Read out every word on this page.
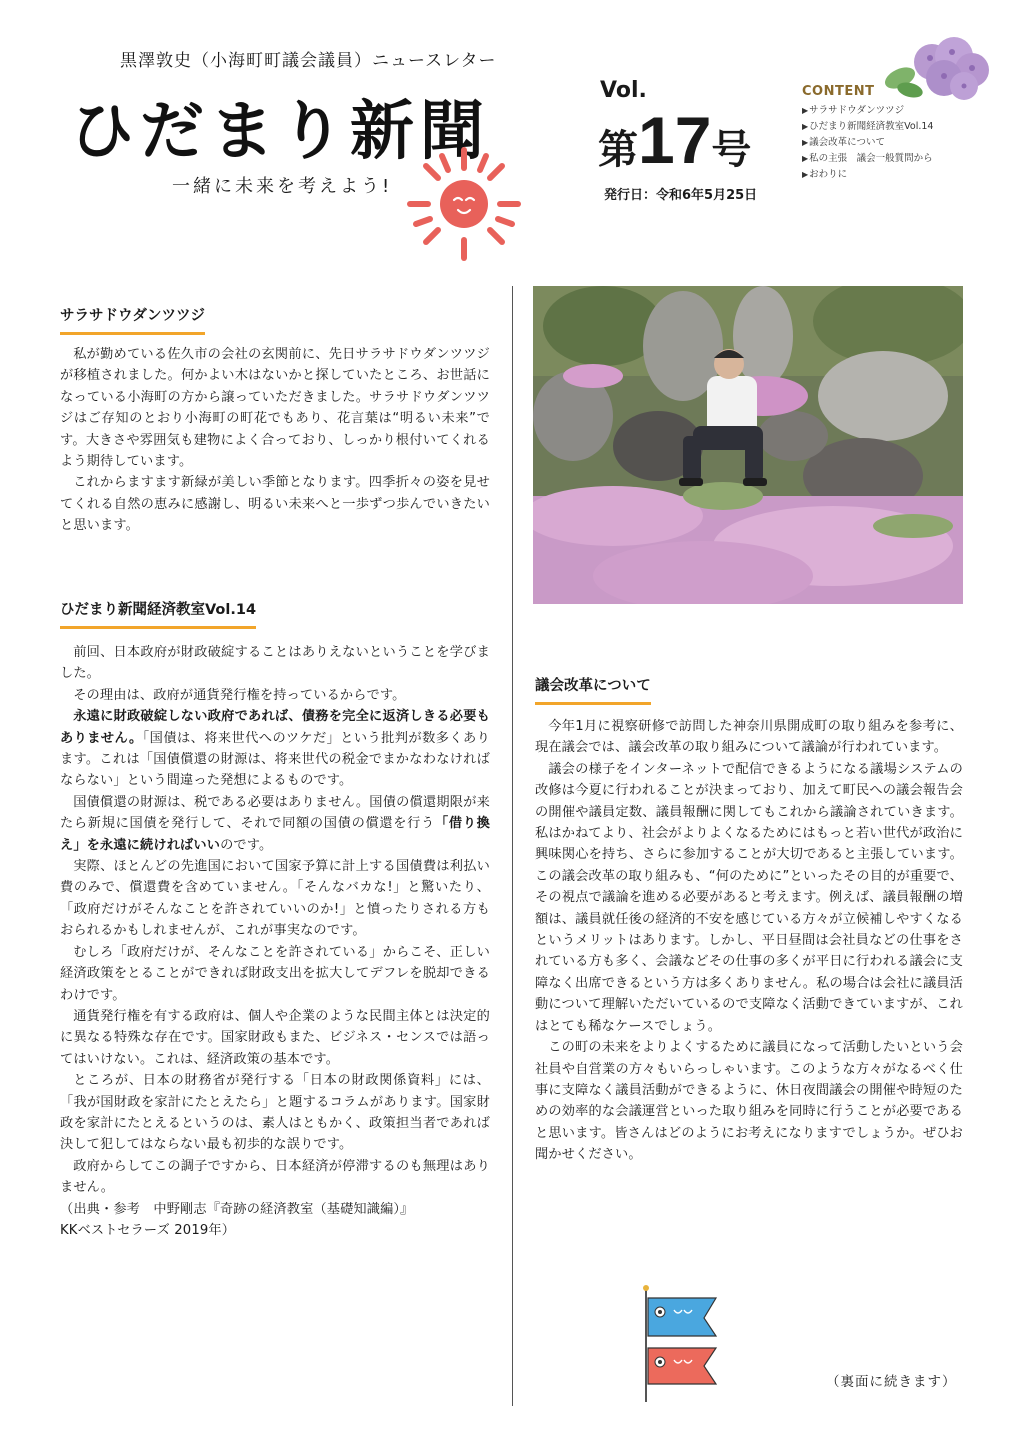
黒澤敦史（小海町町議会議員）ニュースレター
ひだまり新聞
一緒に未来を考えよう!
Vol.
第17号
発行日：令和6年5月25日
CONTENT
▶ サラサドウダンツツジ
▶ ひだまり新聞経済教室Vol.14
▶ 議会改革について
▶ 私の主張　議会一般質問から
▶ おわりに
サラサドウダンツツジ

私が勤めている佐久市の会社の玄関前に、先日サラサドウダンツツジが移植されました。何かよい木はないかと探していたところ、お世話になっている小海町の方から譲っていただきました。サラサドウダンツツジはご存知のとおり小海町の町花でもあり、花言葉は“明るい未来”です。大きさや雰囲気も建物によく合っており、しっかり根付いてくれるよう期待しています。

これからますます新緑が美しい季節となります。四季折々の姿を見せてくれる自然の恵みに感謝し、明るい未来へと一歩ずつ歩んでいきたいと思います。

ひだまり新聞経済教室Vol.14

前回、日本政府が財政破綻することはありえないということを学びました。

その理由は、政府が通貨発行権を持っているからです。

永遠に財政破綻しない政府であれば、債務を完全に返済しきる必要もありません。「国債は、将来世代へのツケだ」という批判が数多くあります。これは「国債償還の財源は、将来世代の税金でまかなわなければならない」という間違った発想によるものです。

国債償還の財源は、税である必要はありません。国債の償還期限が来たら新規に国債を発行して、それで同額の国債の償還を行う「借り換え」を永遠に続ければいいのです。

実際、ほとんどの先進国において国家予算に計上する国債費は利払い費のみで、償還費を含めていません。「そんなバカな!」と驚いたり、「政府だけがそんなことを許されていいのか!」と憤ったりされる方もおられるかもしれませんが、これが事実なのです。

むしろ「政府だけが、そんなことを許されている」からこそ、正しい経済政策をとることができれば財政支出を拡大してデフレを脱却できるわけです。

通貨発行権を有する政府は、個人や企業のような民間主体とは決定的に異なる特殊な存在です。国家財政もまた、ビジネス・センスでは語ってはいけない。これは、経済政策の基本です。

ところが、日本の財務省が発行する「日本の財政関係資料」には、「我が国財政を家計にたとえたら」と題するコラムがあります。国家財政を家計にたとえるというのは、素人はともかく、政策担当者であれば決して犯してはならない最も初歩的な誤りです。

政府からしてこの調子ですから、日本経済が停滞するのも無理はありません。

（出典・参考　中野剛志『奇跡の経済教室（基礎知識編）』

KKベストセラーズ 2019年）

議会改革について

今年1月に視察研修で訪問した神奈川県開成町の取り組みを参考に、現在議会では、議会改革の取り組みについて議論が行われています。

議会の様子をインターネットで配信できるようになる議場システムの改修は今夏に行われることが決まっており、加えて町民への議会報告会の開催や議員定数、議員報酬に関してもこれから議論されていきます。私はかねてより、社会がよりよくなるためにはもっと若い世代が政治に興味関心を持ち、さらに参加することが大切であると主張しています。この議会改革の取り組みも、“何のために”といったその目的が重要で、その視点で議論を進める必要があると考えます。例えば、議員報酬の増額は、議員就任後の経済的不安を感じている方々が立候補しやすくなるというメリットはあります。しかし、平日昼間は会社員などの仕事をされている方も多く、会議などその仕事の多くが平日に行われる議会に支障なく出席できるという方は多くありません。私の場合は会社に議員活動について理解いただいているので支障なく活動できていますが、これはとても稀なケースでしょう。

この町の未来をよりよくするために議員になって活動したいという会社員や自営業の方々もいらっしゃいます。このような方々がなるべく仕事に支障なく議員活動ができるように、休日夜間議会の開催や時短のための効率的な会議運営といった取り組みを同時に行うことが必要であると思います。皆さんはどのようにお考えになりますでしょうか。ぜひお聞かせください。

（裏面に続きます）
